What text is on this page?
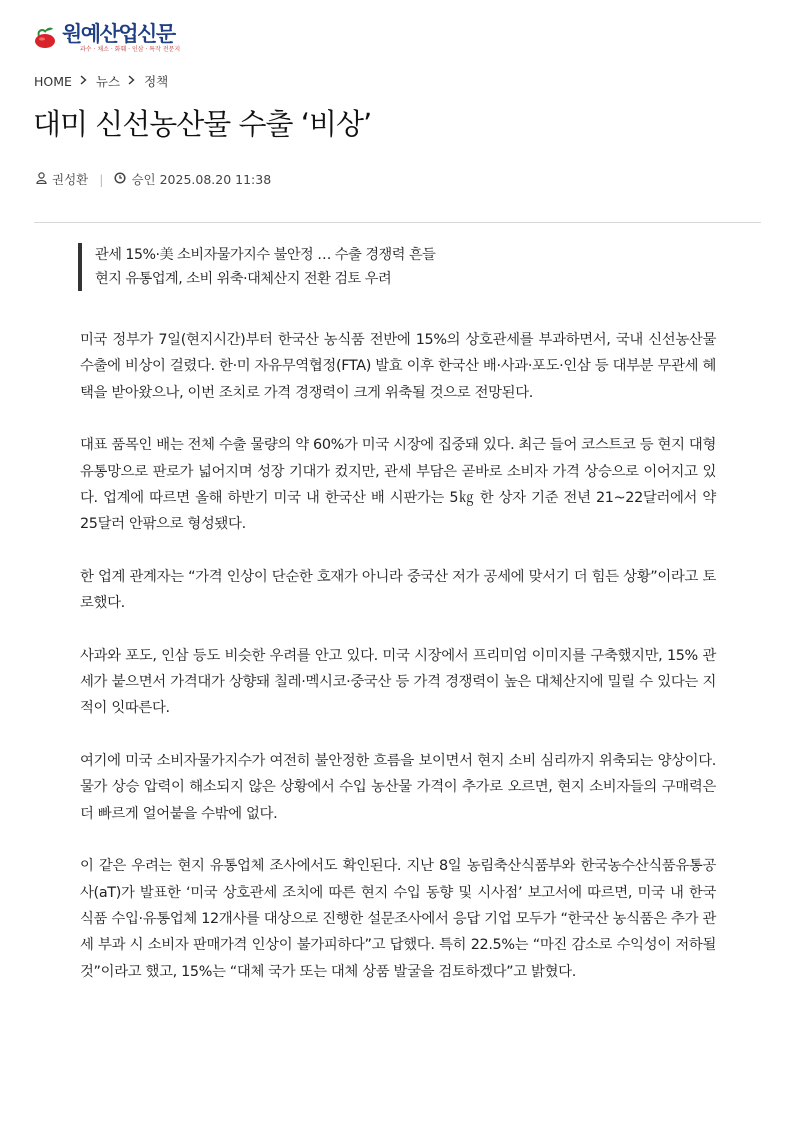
원예산업신문
과수 · 채소 · 화훼 · 인삼 · 특작 전문지
HOME 뉴스 정책
대미 신선농산물 수출 ‘비상’
권성환 | 승인
2025.08.20 11:38
관세 15%·美 소비자물가지수 불안정 … 수출 경쟁력 흔들
현지 유통업계, 소비 위축·대체산지 전환 검토 우려

미국 정부가 7일(현지시간)부터 한국산 농식품 전반에 15%의 상호관세를 부과하면서, 국내 신선농산물 수출에 비상이 걸렸다. 한·미 자유무역협정(FTA) 발효 이후 한국산 배·사과·포도·인삼 등 대부분 무관세 혜택을 받아왔으나, 이번 조치로 가격 경쟁력이 크게 위축될 것으로 전망된다.

대표 품목인 배는 전체 수출 물량의 약 60%가 미국 시장에 집중돼 있다. 최근 들어 코스트코 등 현지 대형 유통망으로 판로가 넓어지며 성장 기대가 컸지만, 관세 부담은 곧바로 소비자 가격 상승으로 이어지고 있다. 업계에 따르면 올해 하반기 미국 내 한국산 배 시판가는 5㎏ 한 상자 기준 전년 21~22달러에서 약 25달러 안팎으로 형성됐다.

한 업계 관계자는 “가격 인상이 단순한 호재가 아니라 중국산 저가 공세에 맞서기 더 힘든 상황”이라고 토로했다.

사과와 포도, 인삼 등도 비슷한 우려를 안고 있다. 미국 시장에서 프리미엄 이미지를 구축했지만, 15% 관세가 붙으면서 가격대가 상향돼 칠레·멕시코·중국산 등 가격 경쟁력이 높은 대체산지에 밀릴 수 있다는 지적이 잇따른다.

여기에 미국 소비자물가지수가 여전히 불안정한 흐름을 보이면서 현지 소비 심리까지 위축되는 양상이다. 물가 상승 압력이 해소되지 않은 상황에서 수입 농산물 가격이 추가로 오르면, 현지 소비자들의 구매력은 더 빠르게 얼어붙을 수밖에 없다.

이 같은 우려는 현지 유통업체 조사에서도 확인된다. 지난 8일 농림축산식품부와 한국농수산식품유통공사(aT)가 발표한 ‘미국 상호관세 조치에 따른 현지 수입 동향 및 시사점’ 보고서에 따르면, 미국 내 한국 식품 수입·유통업체 12개사를 대상으로 진행한 설문조사에서 응답 기업 모두가 “한국산 농식품은 추가 관세 부과 시 소비자 판매가격 인상이 불가피하다”고 답했다. 특히 22.5%는 “마진 감소로 수익성이 저하될 것”이라고 했고, 15%는 “대체 국가 또는 대체 상품 발굴을 검토하겠다”고 밝혔다.
